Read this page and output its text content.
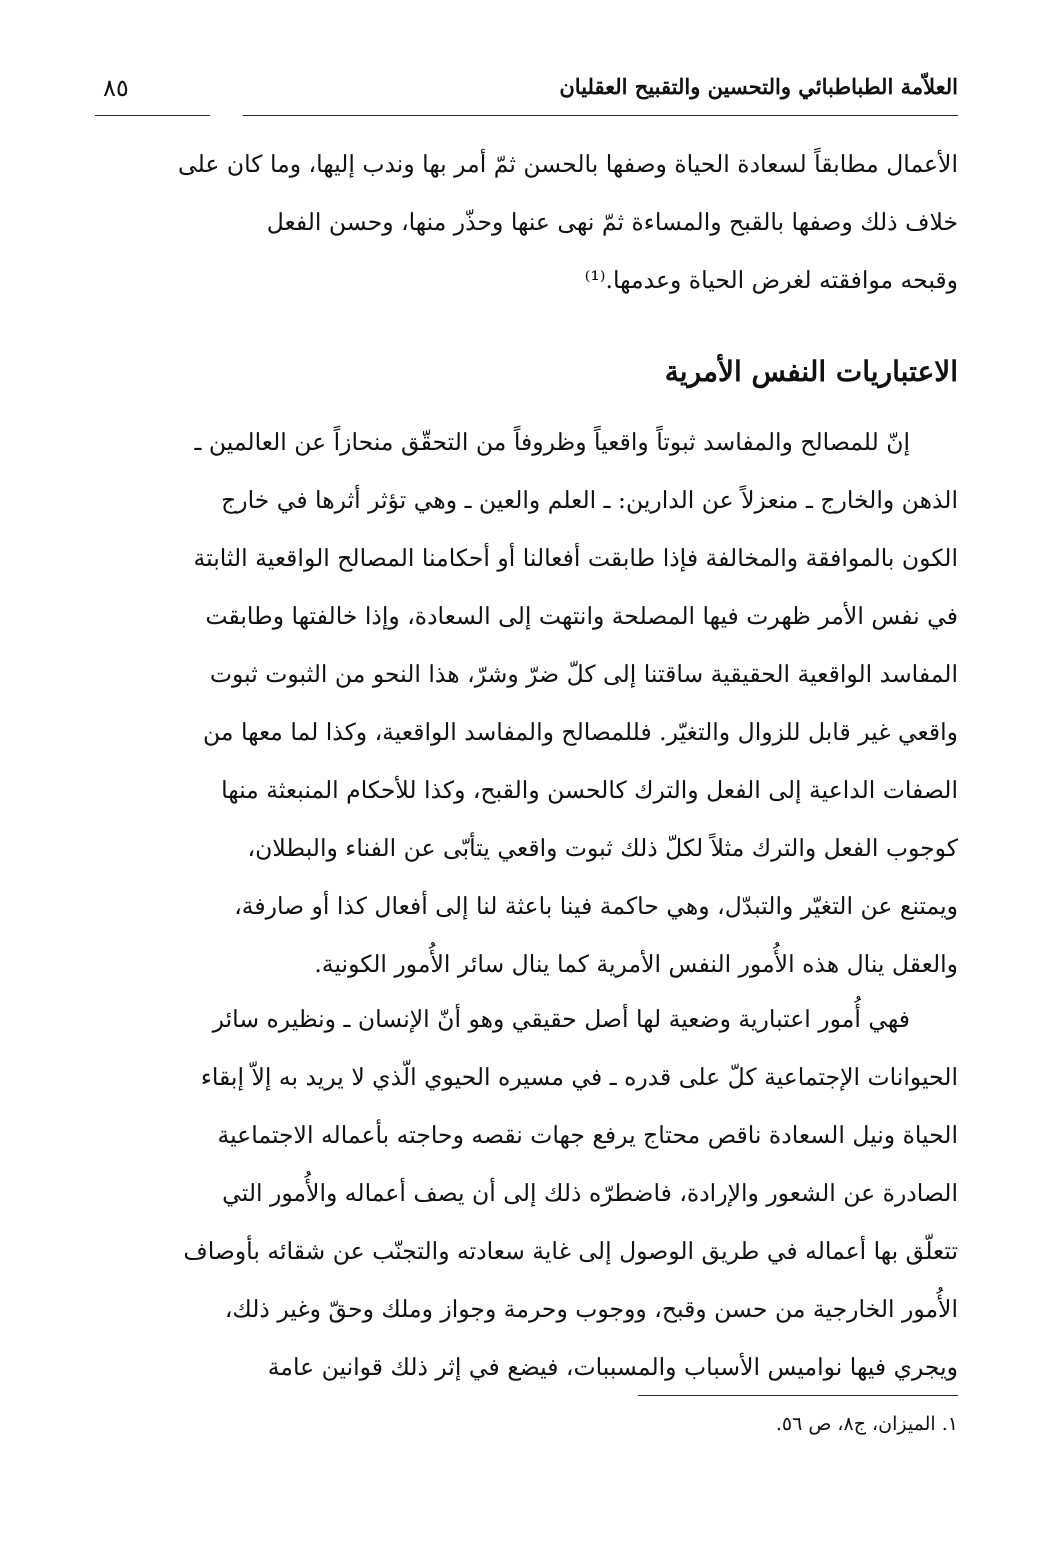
العلاّمة الطباطبائي والتحسين والتقبيح العقليان
٨٥
الأعمال مطابقاً لسعادة الحياة وصفها بالحسن ثمّ أمر بها وندب إليها، وما كان على
خلاف ذلك وصفها بالقبح والمساءة ثمّ نهى عنها وحذّر منها، وحسن الفعل
وقبحه موافقته لغرض الحياة وعدمها.⁽¹⁾
الاعتباريات النفس الأمرية
إنّ للمصالح والمفاسد ثبوتاً واقعياً وظروفاً من التحقّق منحازاً عن العالمين ـ
الذهن والخارج ـ منعزلاً عن الدارين: ـ العلم والعين ـ وهي تؤثر أثرها في خارج
الكون بالموافقة والمخالفة فإذا طابقت أفعالنا أو أحكامنا المصالح الواقعية الثابتة
في نفس الأمر ظهرت فيها المصلحة وانتهت إلى السعادة، وإذا خالفتها وطابقت
المفاسد الواقعية الحقيقية ساقتنا إلى كلّ ضرّ وشرّ، هذا النحو من الثبوت ثبوت
واقعي غير قابل للزوال والتغيّر. فللمصالح والمفاسد الواقعية، وكذا لما معها من
الصفات الداعية إلى الفعل والترك كالحسن والقبح، وكذا للأحكام المنبعثة منها
كوجوب الفعل والترك مثلاً لكلّ ذلك ثبوت واقعي يتأبّى عن الفناء والبطلان،
ويمتنع عن التغيّر والتبدّل، وهي حاكمة فينا باعثة لنا إلى أفعال كذا أو صارفة،
والعقل ينال هذه الأُمور النفس الأمرية كما ينال سائر الأُمور الكونية.
فهي أُمور اعتبارية وضعية لها أصل حقيقي وهو أنّ الإنسان ـ ونظيره سائر
الحيوانات الإجتماعية كلّ على قدره ـ في مسيره الحيوي الّذي لا يريد به إلاّ إبقاء
الحياة ونيل السعادة ناقص محتاج يرفع جهات نقصه وحاجته بأعماله الاجتماعية
الصادرة عن الشعور والإرادة، فاضطرّه ذلك إلى أن يصف أعماله والأُمور التي
تتعلّق بها أعماله في طريق الوصول إلى غاية سعادته والتجنّب عن شقائه بأوصاف
الأُمور الخارجية من حسن وقبح، ووجوب وحرمة وجواز وملك وحقّ وغير ذلك،
ويجري فيها نواميس الأسباب والمسببات، فيضع في إثر ذلك قوانين عامة
١. الميزان، ج٨، ص ٥٦.
